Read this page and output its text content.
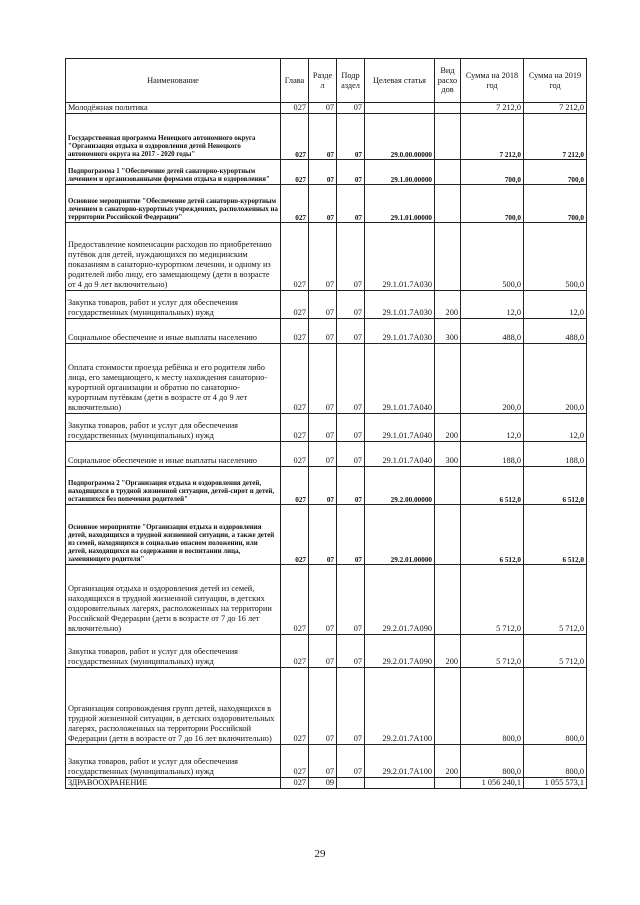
Наименование	Глава	Разде л	Подр аздел	Целевая статья	Вид расхо дов	Сумма на 2018 год	Сумма на 2019 год
Молодёжная политика	027	07	07			7 212,0	7 212,0
Государственная программа Ненецкого автономного округа "Организация отдыха и оздоровления детей Ненецкого автономного округа на 2017 - 2020 годы"	027	07	07	29.0.00.00000		7 212,0	7 212,0
Подпрограмма 1 "Обеспечение детей санаторно-курортным лечением и организованными формами отдыха и оздоровления"	027	07	07	29.1.00.00000		700,0	700,0
Основное мероприятие "Обеспечение детей санаторно-курортным лечением в санаторно-курортных учреждениях, расположенных на территории Российской Федерации"	027	07	07	29.1.01.00000		700,0	700,0
Предоставление компенсации расходов по приобретению путёвок для детей, нуждающихся по медицинским показаниям в санаторно-курортном лечении, и одному из родителей либо лицу, его замещающему (дети в возрасте от 4 до 9 лет включительно)	027	07	07	29.1.01.7А030		500,0	500,0
Закупка товаров, работ и услуг для обеспечения государственных (муниципальных) нужд	027	07	07	29.1.01.7А030	200	12,0	12,0
Социальное обеспечение и иные выплаты населению	027	07	07	29.1.01.7А030	300	488,0	488,0
Оплата стоимости проезда ребёнка и его родителя либо лица, его замещающего, к месту нахождения санаторно-курортной организации и обратно по санаторно-курортным путёвкам (дети в возрасте от 4 до 9 лет включительно)	027	07	07	29.1.01.7А040		200,0	200,0
Закупка товаров, работ и услуг для обеспечения государственных (муниципальных) нужд	027	07	07	29.1.01.7А040	200	12,0	12,0
Социальное обеспечение и иные выплаты населению	027	07	07	29.1.01.7А040	300	188,0	188,0
Подпрограмма 2 "Организация отдыха и оздоровления детей, находящихся в трудной жизненной ситуации, детей-сирот и детей, оставшихся без попечения родителей"	027	07	07	29.2.00.00000		6 512,0	6 512,0
Основное мероприятие "Организация отдыха и оздоровления детей, находящихся в трудной жизненной ситуации, а также детей из семей, находящихся в социально опасном положении, или детей, находящихся на содержании и воспитании лица, заменяющего родителя"	027	07	07	29.2.01.00000		6 512,0	6 512,0
Организация отдыха и оздоровления детей из семей, находящихся в трудной жизненной ситуации, в детских оздоровительных лагерях, расположенных на территории Российской Федерации (дети в возрасте от 7 до 16 лет включительно)	027	07	07	29.2.01.7А090		5 712,0	5 712,0
Закупка товаров, работ и услуг для обеспечения государственных (муниципальных) нужд	027	07	07	29.2.01.7А090	200	5 712,0	5 712,0
Организация сопровождения групп детей, находящихся в трудной жизненной ситуации, в детских оздоровительных лагерях, расположенных на территории Российской Федерации (дети в возрасте от 7 до 16 лет включительно)	027	07	07	29.2.01.7А100		800,0	800,0
Закупка товаров, работ и услуг для обеспечения государственных (муниципальных) нужд	027	07	07	29.2.01.7А100	200	800,0	800,0
ЗДРАВООХРАНЕНИЕ	027	09				1 056 240,1	1 055 573,1
29
